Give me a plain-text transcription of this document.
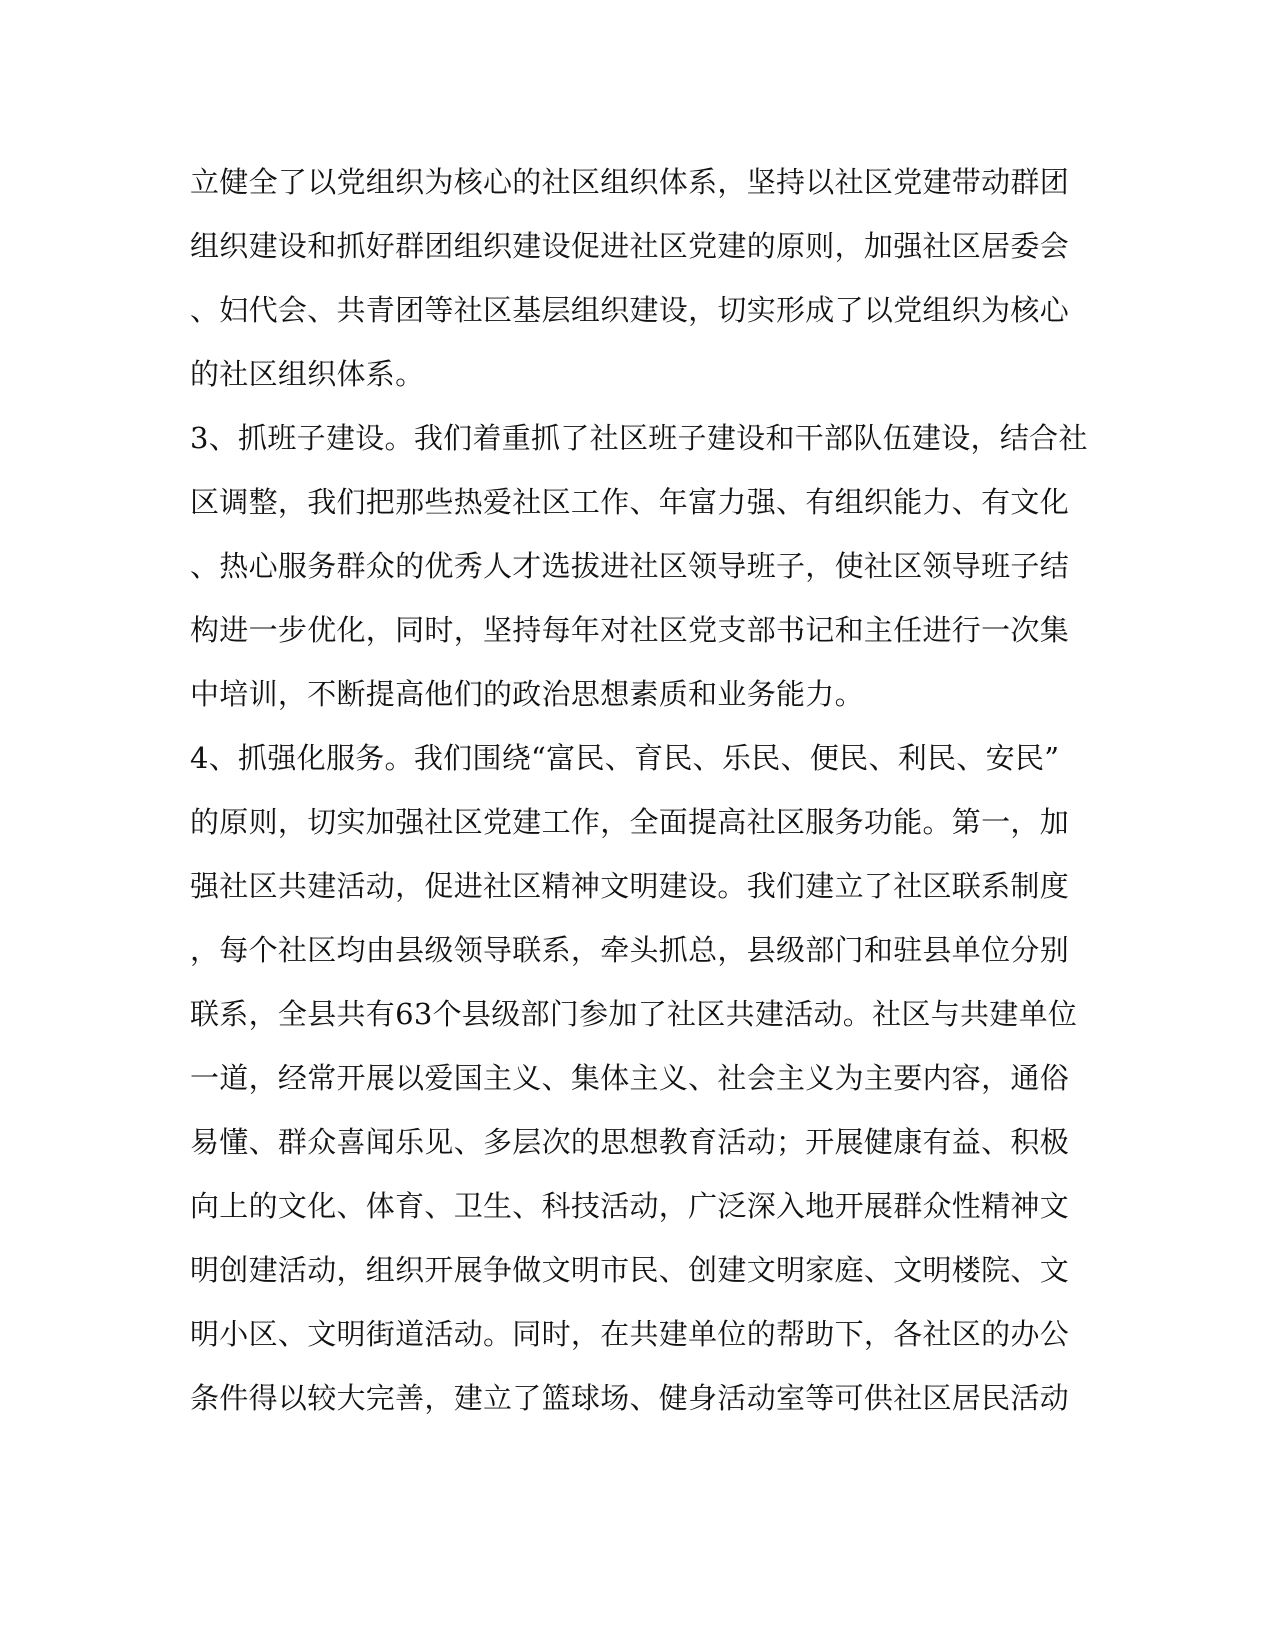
立健全了以党组织为核心的社区组织体系，坚持以社区党建带动群团
组织建设和抓好群团组织建设促进社区党建的原则，加强社区居委会
、妇代会、共青团等社区基层组织建设，切实形成了以党组织为核心
的社区组织体系。
3、抓班子建设。我们着重抓了社区班子建设和干部队伍建设，结合社
区调整，我们把那些热爱社区工作、年富力强、有组织能力、有文化
、热心服务群众的优秀人才选拔进社区领导班子，使社区领导班子结
构进一步优化，同时，坚持每年对社区党支部书记和主任进行一次集
中培训，不断提高他们的政治思想素质和业务能力。
4、抓强化服务。我们围绕“富民、育民、乐民、便民、利民、安民”
的原则，切实加强社区党建工作，全面提高社区服务功能。第一，加
强社区共建活动，促进社区精神文明建设。我们建立了社区联系制度
，每个社区均由县级领导联系，牵头抓总，县级部门和驻县单位分别
联系，全县共有63个县级部门参加了社区共建活动。社区与共建单位
一道，经常开展以爱国主义、集体主义、社会主义为主要内容，通俗
易懂、群众喜闻乐见、多层次的思想教育活动；开展健康有益、积极
向上的文化、体育、卫生、科技活动，广泛深入地开展群众性精神文
明创建活动，组织开展争做文明市民、创建文明家庭、文明楼院、文
明小区、文明街道活动。同时，在共建单位的帮助下，各社区的办公
条件得以较大完善，建立了篮球场、健身活动室等可供社区居民活动
